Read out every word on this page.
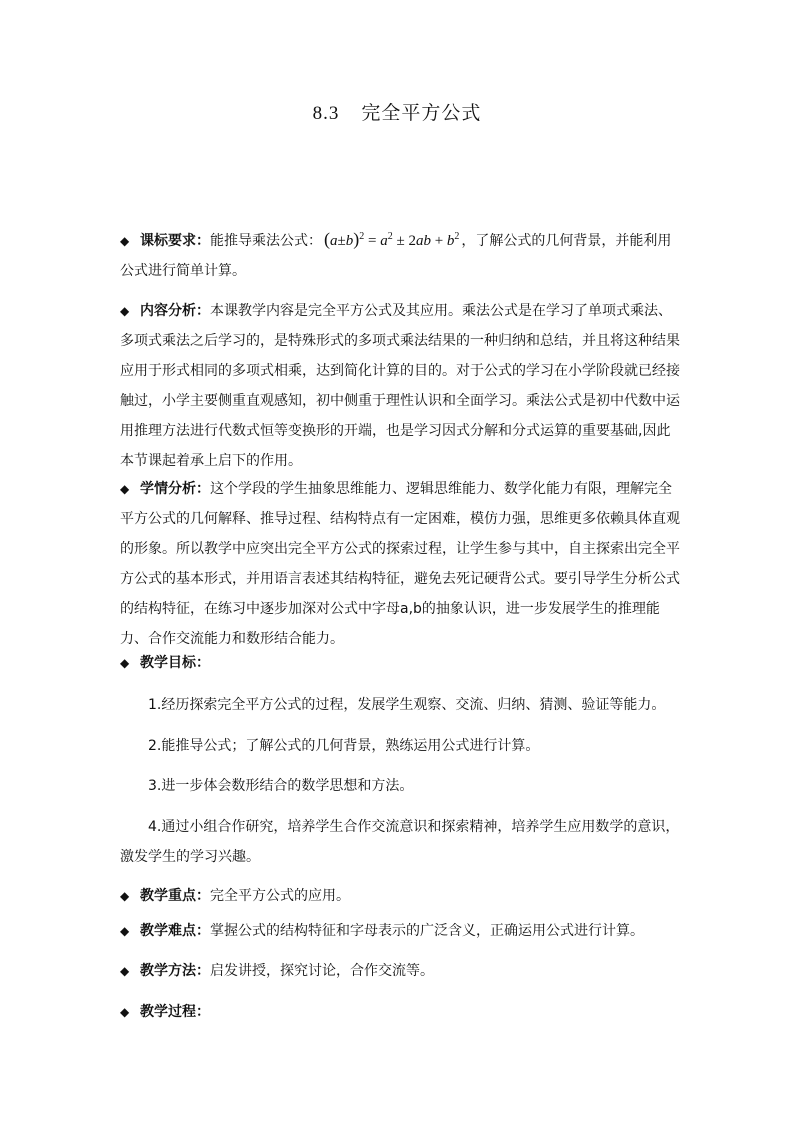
8.3 完全平方公式
◆ 课标要求：能推导乘法公式： $(a\pm b)^2 = a^2 \pm 2ab + b^2$ ，了解公式的几何背景，并能利用公式进行简单计算。
◆ 内容分析：本课教学内容是完全平方公式及其应用。乘法公式是在学习了单项式乘法、多项式乘法之后学习的，是特殊形式的多项式乘法结果的一种归纳和总结，并且将这种结果应用于形式相同的多项式相乘，达到简化计算的目的。对于公式的学习在小学阶段就已经接触过，小学主要侧重直观感知，初中侧重于理性认识和全面学习。乘法公式是初中代数中运用推理方法进行代数式恒等变换形的开端，也是学习因式分解和分式运算的重要基础,因此本节课起着承上启下的作用。
◆ 学情分析：这个学段的学生抽象思维能力、逻辑思维能力、数学化能力有限，理解完全平方公式的几何解释、推导过程、结构特点有一定困难，模仿力强，思维更多依赖具体直观的形象。所以教学中应突出完全平方公式的探索过程，让学生参与其中，自主探索出完全平方公式的基本形式，并用语言表述其结构特征，避免去死记硬背公式。要引导学生分析公式的结构特征，在练习中逐步加深对公式中字母a,b的抽象认识，进一步发展学生的推理能力、合作交流能力和数形结合能力。
◆ 教学目标：
1.经历探索完全平方公式的过程，发展学生观察、交流、归纳、猜测、验证等能力。
2.能推导公式；了解公式的几何背景，熟练运用公式进行计算。
3.进一步体会数形结合的数学思想和方法。
4.通过小组合作研究，培养学生合作交流意识和探索精神，培养学生应用数学的意识，激发学生的学习兴趣。
◆ 教学重点：完全平方公式的应用。
◆ 教学难点：掌握公式的结构特征和字母表示的广泛含义，正确运用公式进行计算。
◆ 教学方法：启发讲授，探究讨论，合作交流等。
◆ 教学过程：
